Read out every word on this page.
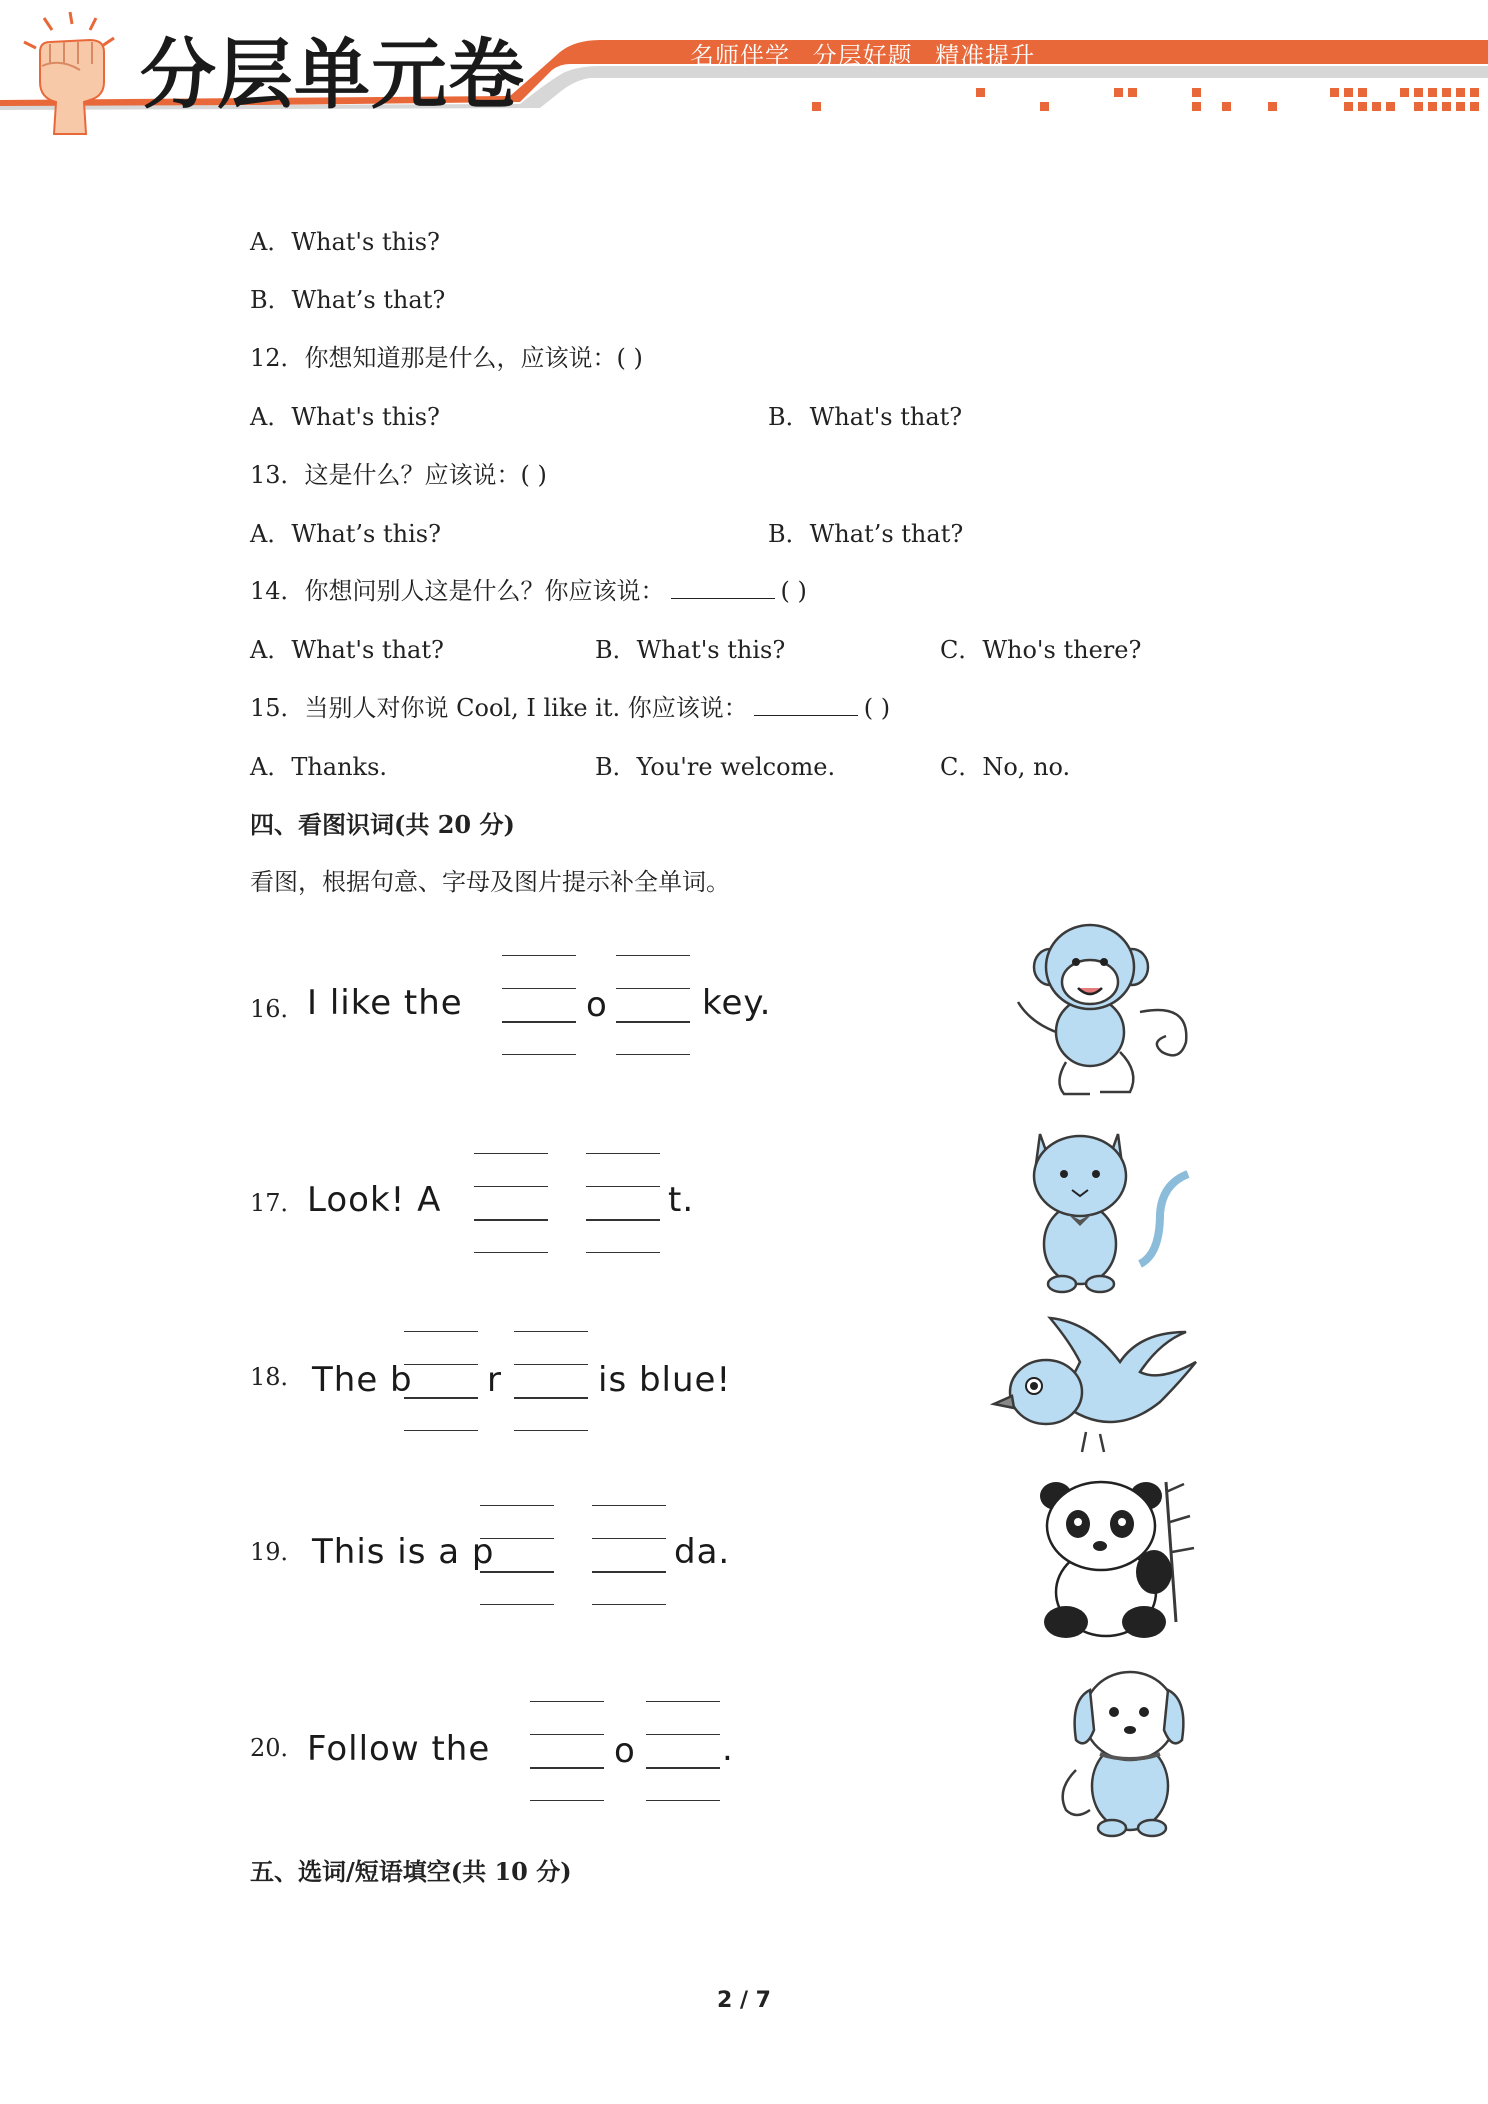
分层单元卷	名师伴学 分层好题 精准提升
A．What's this?
B．What’s that?
12．你想知道那是什么，应该说：( )
A．What's this?	B．What's that?
13．这是什么？应该说：( )
A．What’s this?	B．What’s that?
14．你想问别人这是什么？你应该说：	( )
A．What's that?	B．What's this?	C．Who's there?
15．当别人对你说 Cool, I like it. 你应该说：	( )
A．Thanks.	B．You're welcome.	C．No, no.
四、看图识词(共 20 分)
看图，根据句意、字母及图片提示补全单词。
16． I like the	o	key.
17． Look! A	t.
18． The b r	is blue!
19． This is a p	da.
20． Follow the	o	.
五、选词/短语填空(共 10 分)
2 / 7
